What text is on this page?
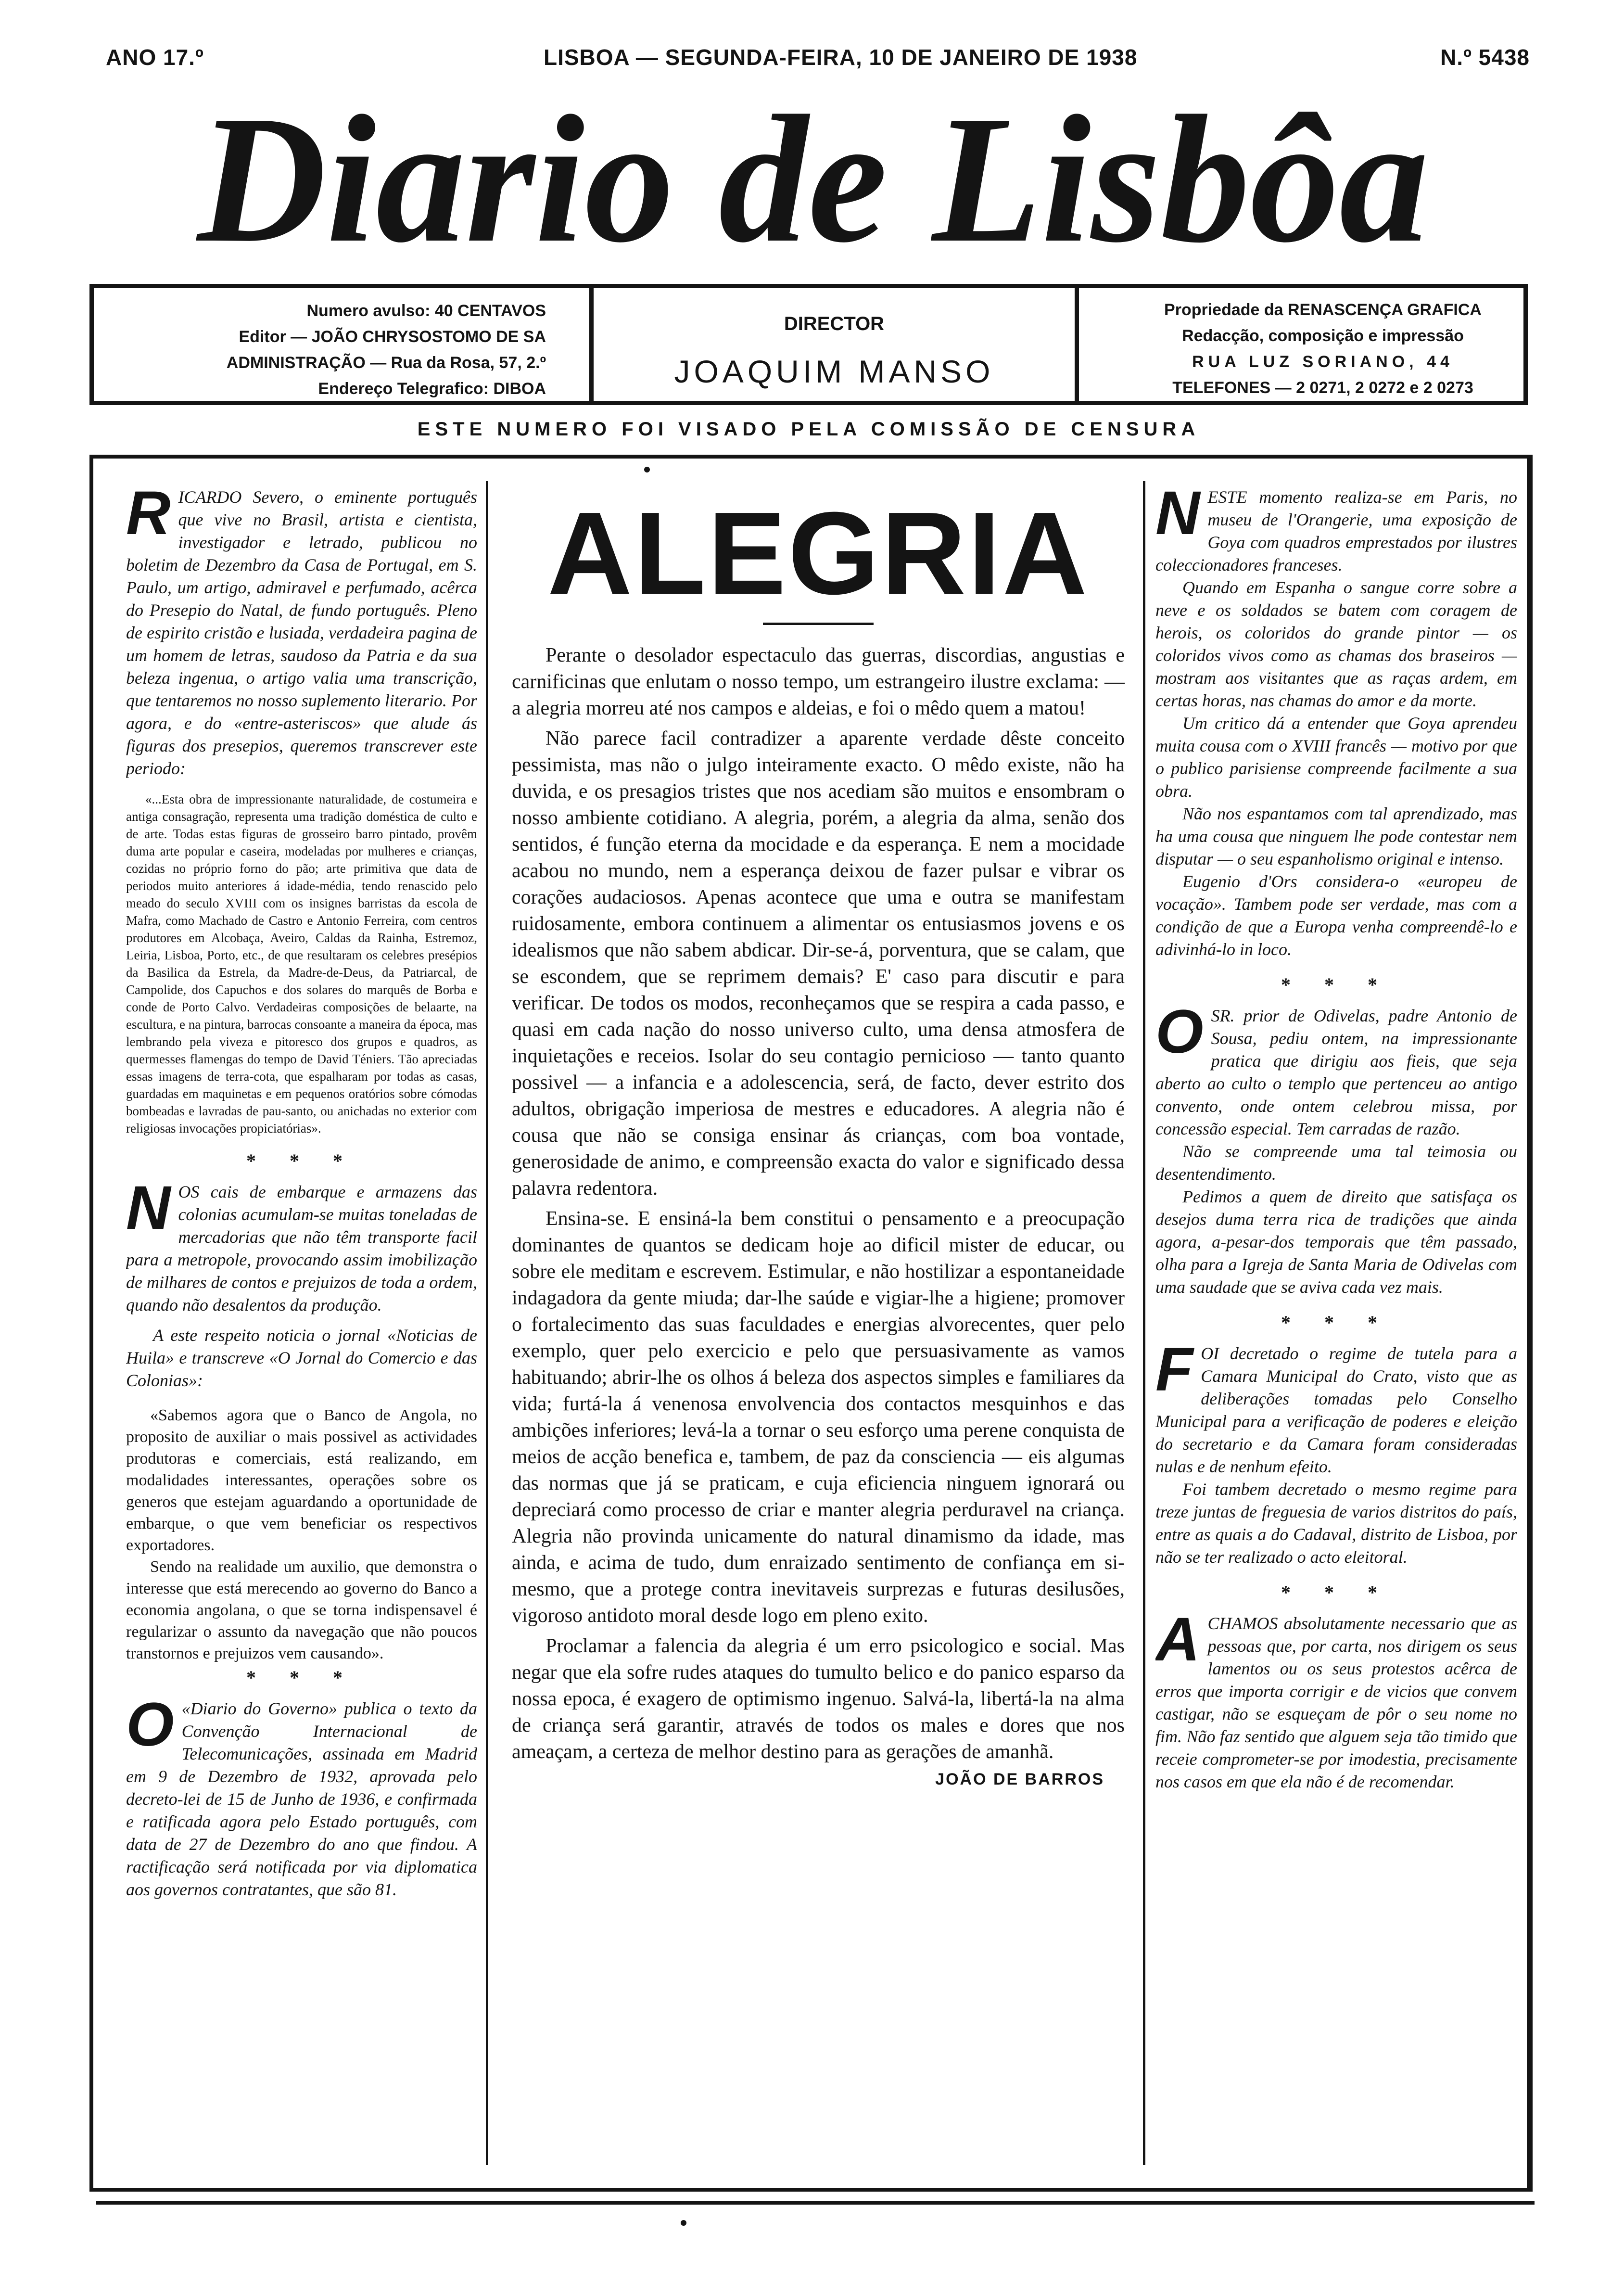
ANO 17.º	LISBOA — SEGUNDA-FEIRA, 10 DE JANEIRO DE 1938	N.º 5438
Diario de Lisbôa
Numero avulso: 40 CENTAVOS
Editor — JOÃO CHRYSOSTOMO DE SA
ADMINISTRAÇÃO — Rua da Rosa, 57, 2.º
Endereço Telegrafico: DIBOA
DIRECTOR
JOAQUIM MANSO
Propriedade da RENASCENÇA GRAFICA
Redacção, composição e impressão
RUA LUZ SORIANO, 44
TELEFONES — 2 0271, 2 0272 e 2 0273
ESTE NUMERO FOI VISADO PELA COMISSÃO DE CENSURA
R ICARDO Severo, o eminente português que vive no Brasil, artista e cientista, investigador e letrado, publicou no boletim de Dezembro da Casa de Portugal, em S. Paulo, um artigo, admiravel e perfumado, acêrca do Presepio do Natal, de fundo português. Pleno de espirito cristão e lusiada, verdadeira pagina de um homem de letras, saudoso da Patria e da sua beleza ingenua, o artigo valia uma transcrição, que tentaremos no nosso suplemento literario. Por agora, e do «entre-asteriscos» que alude ás figuras dos presepios, queremos transcrever este periodo:

«...Esta obra de impressionante naturalidade, de costumeira e antiga consagração, representa uma tradição doméstica de culto e de arte. Todas estas figuras de grosseiro barro pintado, provêm duma arte popular e caseira, modeladas por mulheres e crianças, cozidas no próprio forno do pão; arte primitiva que data de periodos muito anteriores á idade-média, tendo renascido pelo meado do seculo XVIII com os insignes barristas da escola de Mafra, como Machado de Castro e Antonio Ferreira, com centros produtores em Alcobaça, Aveiro, Caldas da Rainha, Estremoz, Leiria, Lisboa, Porto, etc., de que resultaram os celebres presépios da Basilica da Estrela, da Madre-de-Deus, da Patriarcal, de Campolide, dos Capuchos e dos solares do marquês de Borba e conde de Porto Calvo. Verdadeiras composições de belaarte, na escultura, e na pintura, barrocas consoante a maneira da época, mas lembrando pela viveza e pitoresco dos grupos e quadros, as quermesses flamengas do tempo de David Téniers. Tão apreciadas essas imagens de terra-cota, que espalharam por todas as casas, guardadas em maquinetas e em pequenos oratórios sobre cómodas bombeadas e lavradas de pau-santo, ou anichadas no exterior com religiosas invocações propiciatórias».

* * *
N OS cais de embarque e armazens das colonias acumulam-se muitas toneladas de mercadorias que não têm transporte facil para a metropole, provocando assim imobilização de milhares de contos e prejuizos de toda a ordem, quando não desalentos da produção.

A este respeito noticia o jornal «Noticias de Huila» e transcreve «O Jornal do Comercio e das Colonias»:

«Sabemos agora que o Banco de Angola, no proposito de auxiliar o mais possivel as actividades produtoras e comerciais, está realizando, em modalidades interessantes, operações sobre os generos que estejam aguardando a oportunidade de embarque, o que vem beneficiar os respectivos exportadores.

Sendo na realidade um auxilio, que demonstra o interesse que está merecendo ao governo do Banco a economia angolana, o que se torna indispensavel é regularizar o assunto da navegação que não poucos transtornos e prejuizos vem causando».

* * *
O «Diario do Governo» publica o texto da Convenção Internacional de Telecomunicações, assinada em Madrid em 9 de Dezembro de 1932, aprovada pelo decreto-lei de 15 de Junho de 1936, e confirmada e ratificada agora pelo Estado português, com data de 27 de Dezembro do ano que findou. A ractificação será notificada por via diplomatica aos governos contratantes, que são 81.

ALEGRIA

Perante o desolador espectaculo das guerras, discordias, angustias e carnificinas que enlutam o nosso tempo, um estrangeiro ilustre exclama: — a alegria morreu até nos campos e aldeias, e foi o mêdo quem a matou!

Não parece facil contradizer a aparente verdade dêste conceito pessimista, mas não o julgo inteiramente exacto. O mêdo existe, não ha duvida, e os presagios tristes que nos acediam são muitos e ensombram o nosso ambiente cotidiano. A alegria, porém, a alegria da alma, senão dos sentidos, é função eterna da mocidade e da esperança. E nem a mocidade acabou no mundo, nem a esperança deixou de fazer pulsar e vibrar os corações audaciosos. Apenas acontece que uma e outra se manifestam ruidosamente, embora continuem a alimentar os entusiasmos jovens e os idealismos que não sabem abdicar. Dir-se-á, porventura, que se calam, que se escondem, que se reprimem demais? E' caso para discutir e para verificar. De todos os modos, reconheçamos que se respira a cada passo, e quasi em cada nação do nosso universo culto, uma densa atmosfera de inquietações e receios. Isolar do seu contagio pernicioso — tanto quanto possivel — a infancia e a adolescencia, será, de facto, dever estrito dos adultos, obrigação imperiosa de mestres e educadores. A alegria não é cousa que não se consiga ensinar ás crianças, com boa vontade, generosidade de animo, e compreensão exacta do valor e significado dessa palavra redentora.

Ensina-se. E ensiná-la bem constitui o pensamento e a preocupação dominantes de quantos se dedicam hoje ao dificil mister de educar, ou sobre ele meditam e escrevem. Estimular, e não hostilizar a espontaneidade indagadora da gente miuda; dar-lhe saúde e vigiar-lhe a higiene; promover o fortalecimento das suas faculdades e energias alvorecentes, quer pelo exemplo, quer pelo exercicio e pelo que persuasivamente as vamos habituando; abrir-lhe os olhos á beleza dos aspectos simples e familiares da vida; furtá-la á venenosa envolvencia dos contactos mesquinhos e das ambições inferiores; levá-la a tornar o seu esforço uma perene conquista de meios de acção benefica e, tambem, de paz da consciencia — eis algumas das normas que já se praticam, e cuja eficiencia ninguem ignorará ou depreciará como processo de criar e manter alegria perduravel na criança. Alegria não provinda unicamente do natural dinamismo da idade, mas ainda, e acima de tudo, dum enraizado sentimento de confiança em si-mesmo, que a protege contra inevitaveis surprezas e futuras desilusões, vigoroso antidoto moral desde logo em pleno exito.

Proclamar a falencia da alegria é um erro psicologico e social. Mas negar que ela sofre rudes ataques do tumulto belico e do panico esparso da nossa epoca, é exagero de optimismo ingenuo. Salvá-la, libertá-la na alma de criança será garantir, através de todos os males e dores que nos ameaçam, a certeza de melhor destino para as gerações de amanhã.

JOÃO DE BARROS
N ESTE momento realiza-se em Paris, no museu de l'Orangerie, uma exposição de Goya com quadros emprestados por ilustres coleccionadores franceses.

Quando em Espanha o sangue corre sobre a neve e os soldados se batem com coragem de herois, os coloridos do grande pintor — os coloridos vivos como as chamas dos braseiros — mostram aos visitantes que as raças ardem, em certas horas, nas chamas do amor e da morte.

Um critico dá a entender que Goya aprendeu muita cousa com o XVIII francês — motivo por que o publico parisiense compreende facilmente a sua obra.

Não nos espantamos com tal aprendizado, mas ha uma cousa que ninguem lhe pode contestar nem disputar — o seu espanholismo original e intenso.

Eugenio d'Ors considera-o «europeu de vocação». Tambem pode ser verdade, mas com a condição de que a Europa venha compreendê-lo e adivinhá-lo in loco.

* * *
O SR. prior de Odivelas, padre Antonio de Sousa, pediu ontem, na impressionante pratica que dirigiu aos fieis, que seja aberto ao culto o templo que pertenceu ao antigo convento, onde ontem celebrou missa, por concessão especial. Tem carradas de razão.

Não se compreende uma tal teimosia ou desentendimento.

Pedimos a quem de direito que satisfaça os desejos duma terra rica de tradições que ainda agora, a-pesar-dos temporais que têm passado, olha para a Igreja de Santa Maria de Odivelas com uma saudade que se aviva cada vez mais.

* * *
F OI decretado o regime de tutela para a Camara Municipal do Crato, visto que as deliberações tomadas pelo Conselho Municipal para a verificação de poderes e eleição do secretario e da Camara foram consideradas nulas e de nenhum efeito.

Foi tambem decretado o mesmo regime para treze juntas de freguesia de varios distritos do país, entre as quais a do Cadaval, distrito de Lisboa, por não se ter realizado o acto eleitoral.

* * *
A CHAMOS absolutamente necessario que as pessoas que, por carta, nos dirigem os seus lamentos ou os seus protestos acêrca de erros que importa corrigir e de vicios que convem castigar, não se esqueçam de pôr o seu nome no fim. Não faz sentido que alguem seja tão timido que receie comprometer-se por imodestia, precisamente nos casos em que ela não é de recomendar.
